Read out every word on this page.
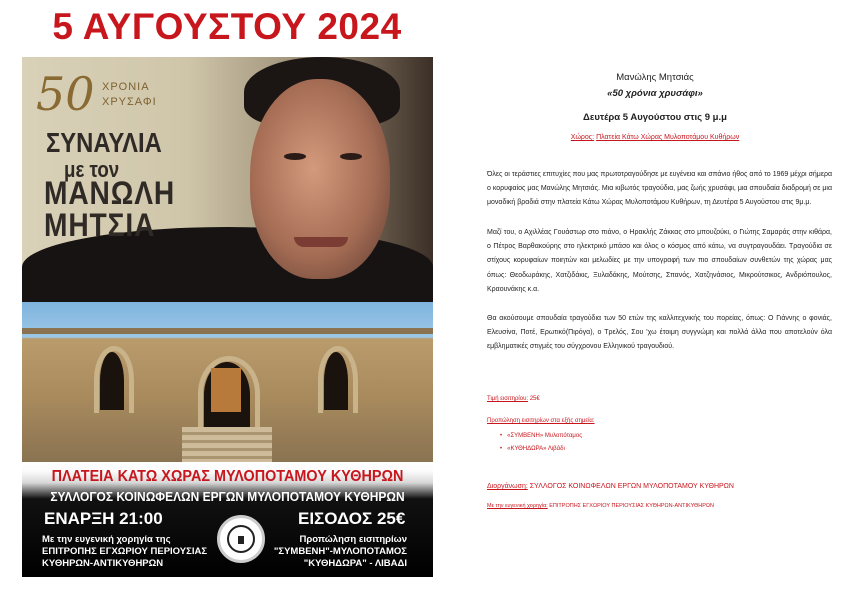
5 ΑΥΓΟΥΣΤΟΥ 2024
50 ΧΡΟΝΙΑ
ΧΡΥΣΑΦΙ
ΣΥΝΑΥΛΙΑ
με τον
ΜΑΝΩΛΗ
ΜΗΤΣΙΑ
ΠΛΑΤΕΙΑ ΚΑΤΩ ΧΩΡΑΣ ΜΥΛΟΠΟΤΑΜΟΥ ΚΥΘΗΡΩΝ
ΣΥΛΛΟΓΟΣ ΚΟΙΝΩΦΕΛΩΝ ΕΡΓΩΝ ΜΥΛΟΠΟΤΑΜΟΥ ΚΥΘΗΡΩΝ
ΕΝΑΡΞΗ 21:00	ΕΙΣΟΔΟΣ 25€
Με την ευγενική χορηγία της
ΕΠΙΤΡΟΠΗΣ ΕΓΧΩΡΙΟΥ ΠΕΡΙΟΥΣΙΑΣ
ΚΥΘΗΡΩΝ-ΑΝΤΙΚΥΘΗΡΩΝ
Προπώληση εισιτηρίων
"ΣΥΜΒΕΝΗ"-ΜΥΛΟΠΟΤΑΜΟΣ
"ΚΥΘΗΔΩΡΑ" - ΛΙΒΑΔΙ
Μανώλης Μητσιάς
«50 χρόνια χρυσάφι»
Δευτέρα 5 Αυγούστου στις 9 μ.μ
Χώρος: Πλατεία Κάτω Χώρας Μυλοποτάμου Κυθήρων
Όλες οι τεράστιες επιτυχίες που μας πρωτοτραγούδησε με ευγένεια και σπάνιο ήθος από το 1969 μέχρι σήμερα ο κορυφαίος μας Μανώλης Μητσιάς. Μια κιβωτός τραγούδια, μας ζωής χρυσάφι, μια σπουδαία διαδρομή σε μια μοναδική βραδιά στην πλατεία Κάτω Χώρας Μυλοποτάμου Κυθήρων, τη Δευτέρα 5 Αυγούστου στις 9μ.μ.
Μαζί του, ο Αχιλλέας Γουάστωρ στο πιάνο, ο Ηρακλής Ζάκκας στο μπουζούκι, ο Γιώτης Σαμαράς στην κιθάρα, ο Πέτρος Βαρθακούρης στο ηλεκτρικό μπάσο και όλος ο κόσμος από κάτω, να συγτραγουδάει. Τραγούδια σε στίχους κορυφαίων ποιητών και μελωδίες με την υπογραφή των πιο σπουδαίων συνθετών της χώρας μας όπως: Θεοδωράκης, Χατζιδάκις, Ξυλαδάκης, Μούτσης, Σπανός, Χατζηνάσιος, Μικρούτσικος, Ανδριόπουλος, Κραουνάκης κ.α.
Θα ακούσουμε σπουδαία τραγούδια των 50 ετών της καλλιτεχνικής του πορείας, όπως: Ο Γιάννης ο φονιάς, Ελευσίνα, Ποτέ, Ερωτικό(Πιρόγα), ο Τρελός, Σου 'χω έτοιμη συγγνώμη και πολλά άλλα που αποτελούν όλα εμβληματικές στιγμές του σύγχρονου Ελληνικού τραγουδιού.
Τιμή εισιτηρίου: 25€
Προπώληση εισιτηρίων στα εξής σημεία:
•   «ΣΥΜΒΕΝΗ» Μυλοπόταμος
•   «ΚΥΘΗΔΩΡΑ» Λιβάδι
Διοργάνωση: ΣΥΛΛΟΓΟΣ ΚΟΙΝΩΦΕΛΩΝ ΕΡΓΩΝ ΜΥΛΟΠΟΤΑΜΟΥ ΚΥΘΗΡΩΝ
Με την ευγενική χορηγία: ΕΠΙΤΡΟΠΗΣ ΕΓΧΩΡΙΟΥ ΠΕΡΙΟΥΣΙΑΣ ΚΥΘΗΡΩΝ-ΑΝΤΙΚΥΘΗΡΩΝ
